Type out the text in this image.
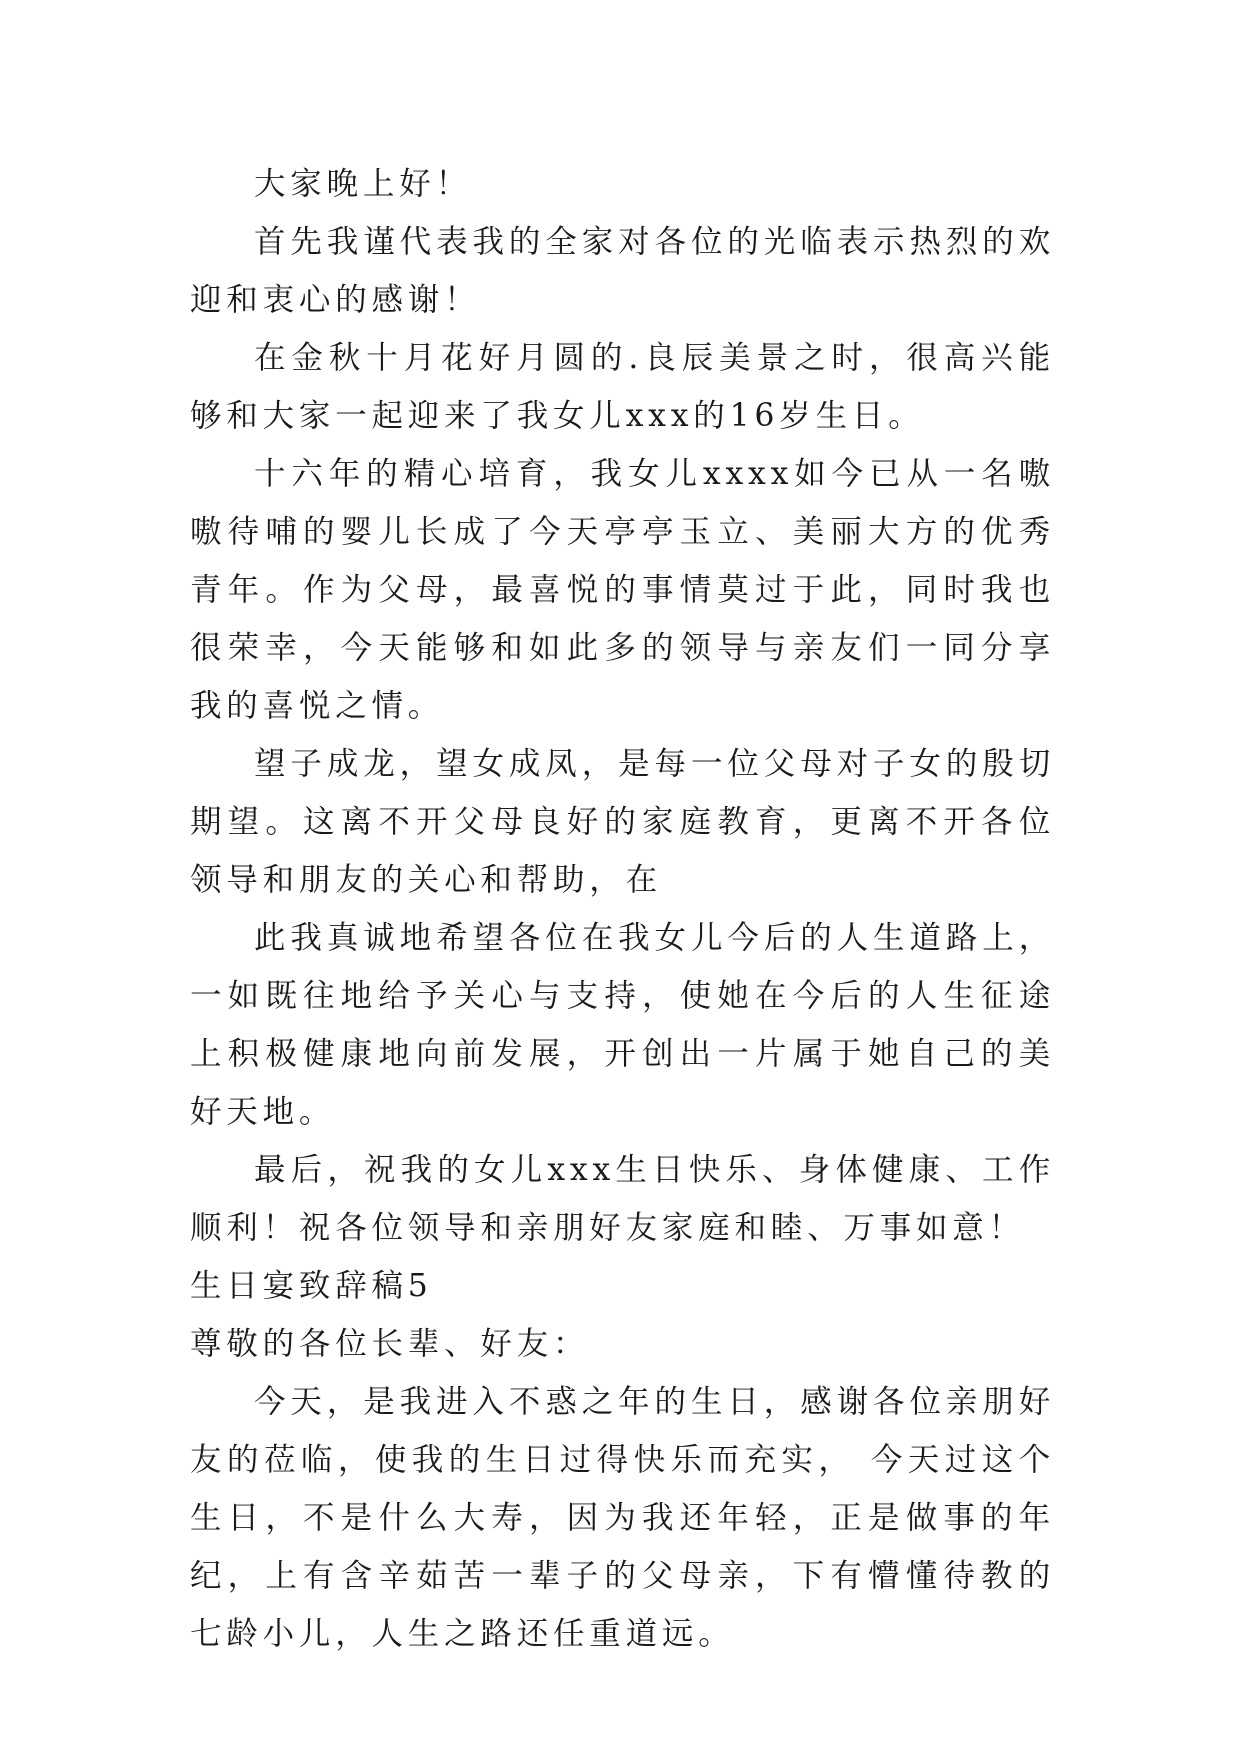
大家晚上好！

首先我谨代表我的全家对各位的光临表示热烈的欢迎和衷心的感谢！

在金秋十月花好月圆的.良辰美景之时，很高兴能够和大家一起迎来了我女儿xxx的16岁生日。

十六年的精心培育，我女儿xxxx如今已从一名嗷嗷待哺的婴儿长成了今天亭亭玉立、美丽大方的优秀青年。作为父母，最喜悦的事情莫过于此，同时我也很荣幸，今天能够和如此多的领导与亲友们一同分享我的喜悦之情。

望子成龙，望女成凤，是每一位父母对子女的殷切期望。这离不开父母良好的家庭教育，更离不开各位领导和朋友的关心和帮助，在

此我真诚地希望各位在我女儿今后的人生道路上，一如既往地给予关心与支持，使她在今后的人生征途上积极健康地向前发展，开创出一片属于她自己的美好天地。

最后，祝我的女儿xxx生日快乐、身体健康、工作顺利！祝各位领导和亲朋好友家庭和睦、万事如意！

生日宴致辞稿5

尊敬的各位长辈、好友：

今天，是我进入不惑之年的生日，感谢各位亲朋好友的莅临，使我的生日过得快乐而充实， 今天过这个生日，不是什么大寿，因为我还年轻，正是做事的年纪，上有含辛茹苦一辈子的父母亲，下有懵懂待教的七龄小儿，人生之路还任重道远。
